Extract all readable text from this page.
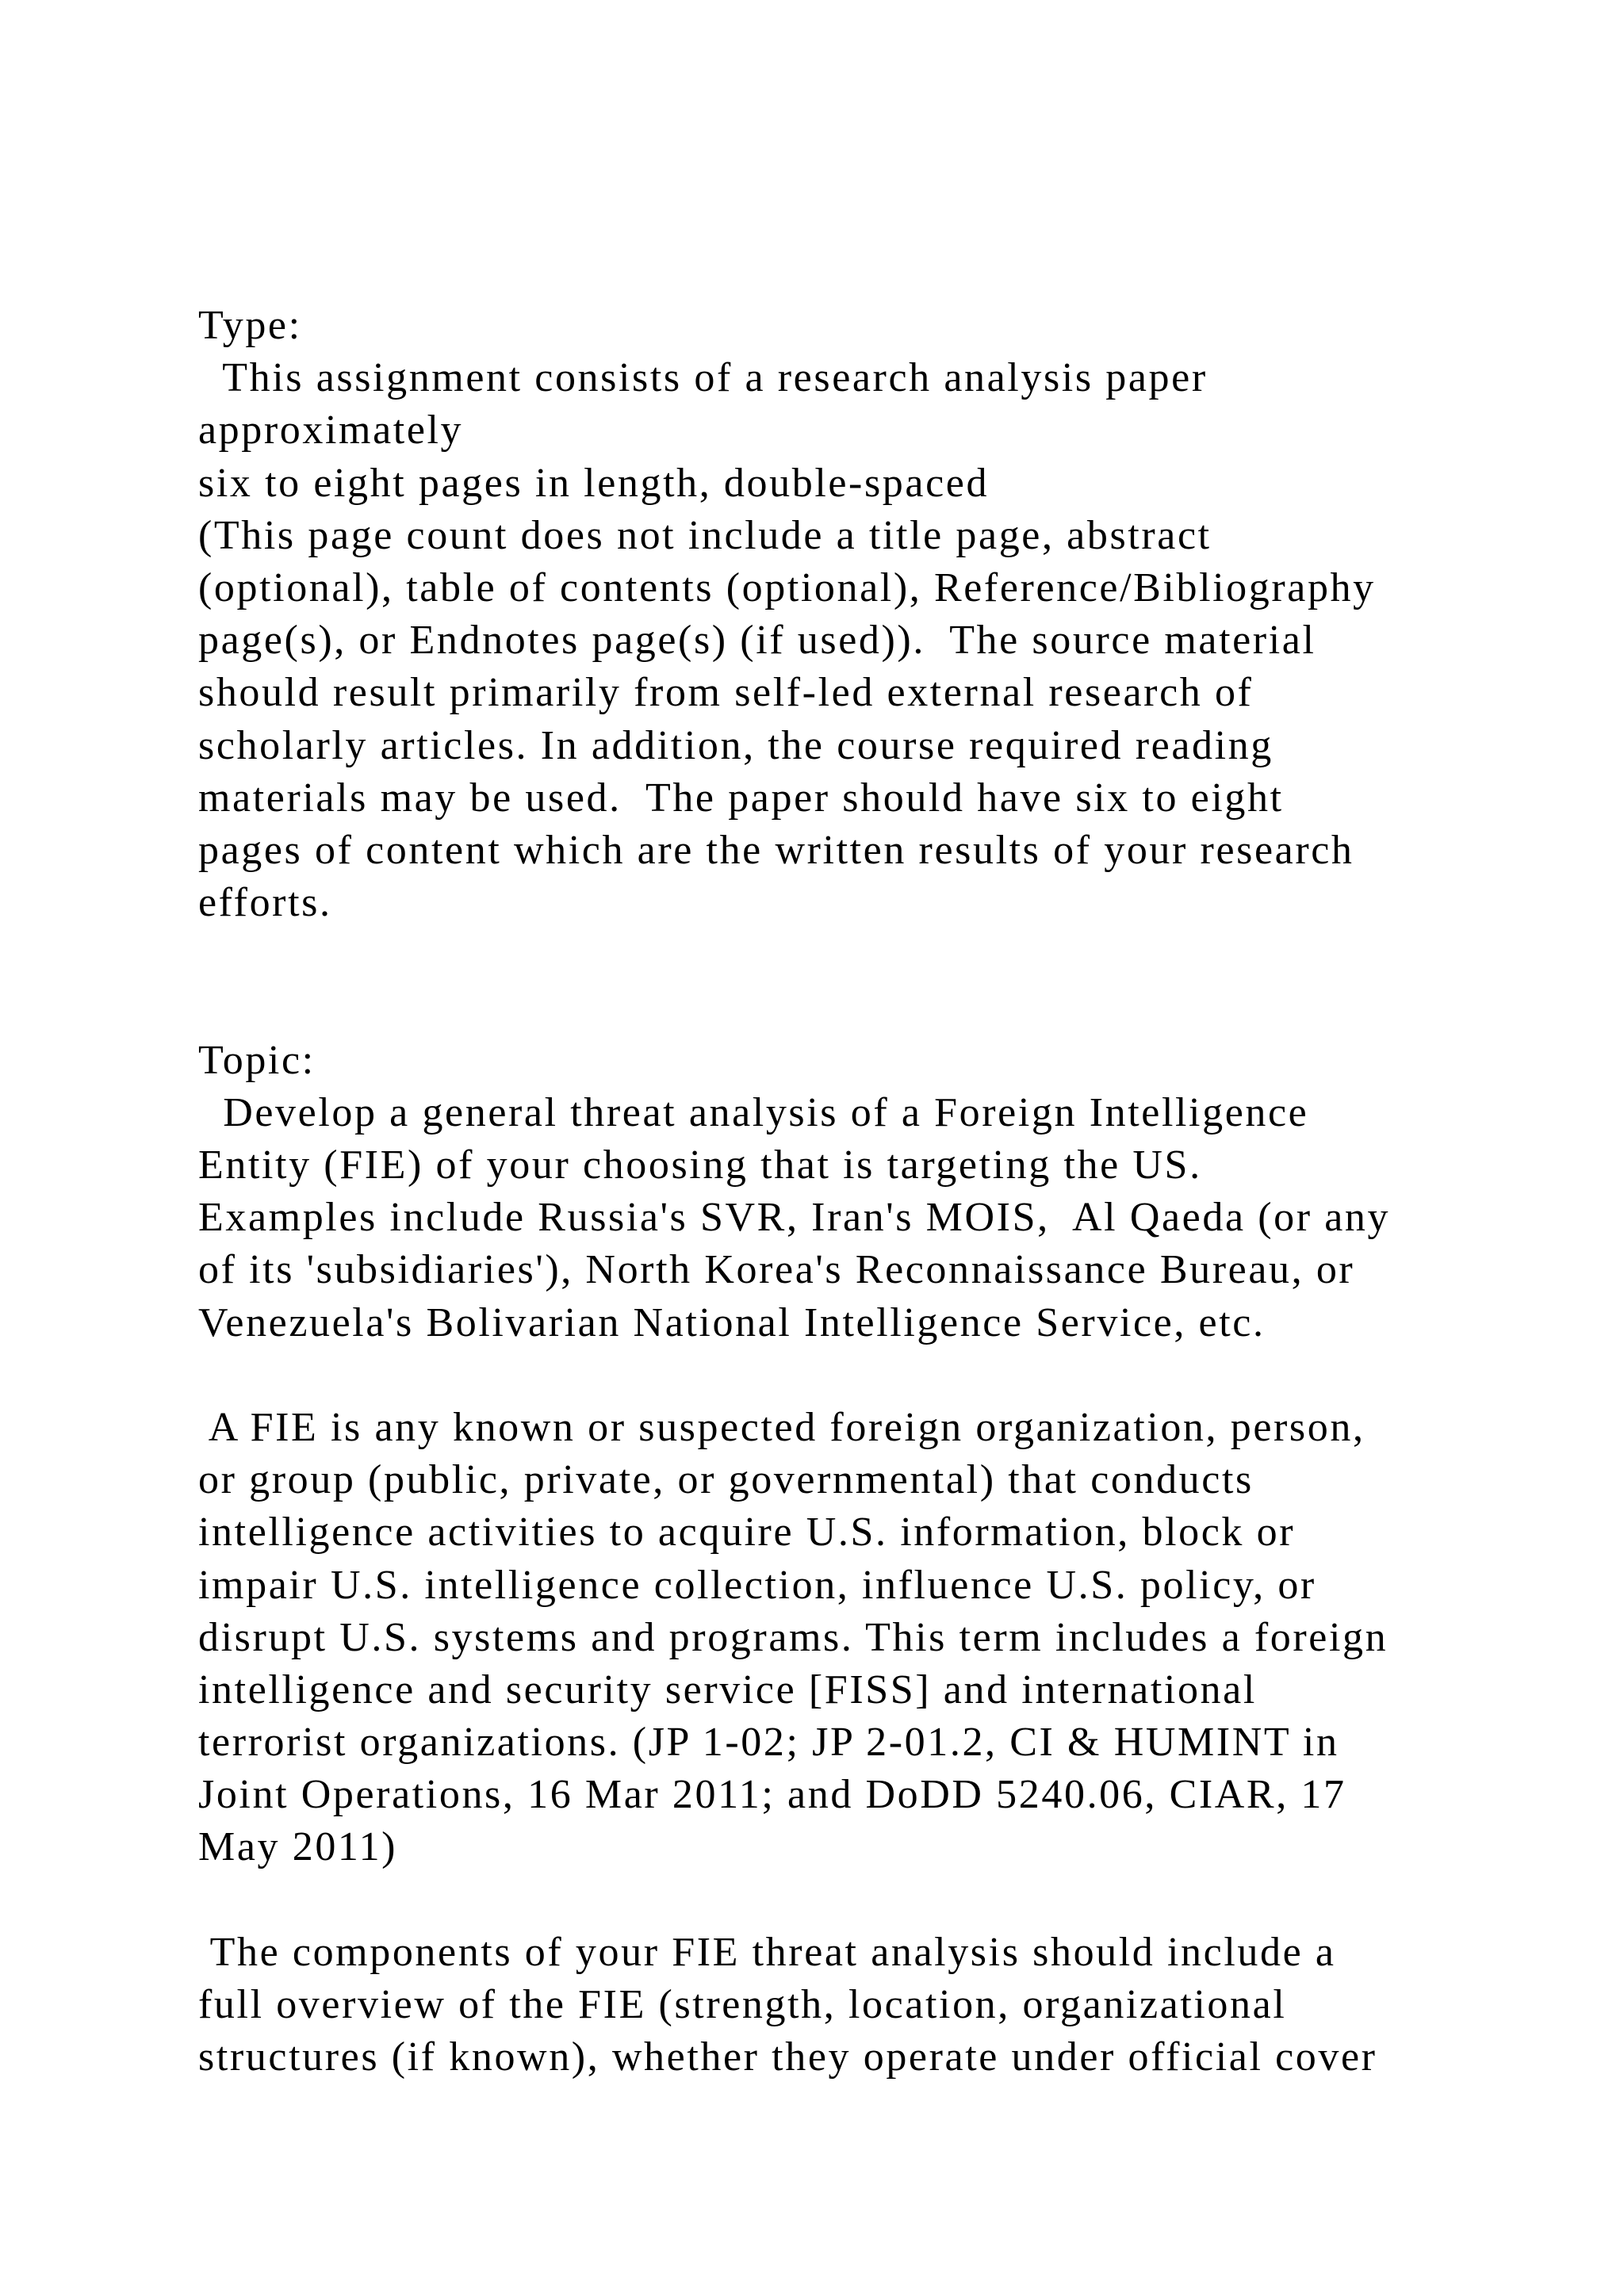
Type:
This assignment consists of a research analysis paper
approximately
six to eight pages in length, double-spaced
(This page count does not include a title page, abstract
(optional), table of contents (optional), Reference/Bibliography
page(s), or Endnotes page(s) (if used)).  The source material
should result primarily from self-led external research of
scholarly articles. In addition, the course required reading
materials may be used.  The paper should have six to eight
pages of content which are the written results of your research
efforts.
Topic:
Develop a general threat analysis of a Foreign Intelligence
Entity (FIE) of your choosing that is targeting the US.
Examples include Russia's SVR, Iran's MOIS,  Al Qaeda (or any
of its 'subsidiaries'), North Korea's Reconnaissance Bureau, or
Venezuela's Bolivarian National Intelligence Service, etc.
A FIE is any known or suspected foreign organization, person,
or group (public, private, or governmental) that conducts
intelligence activities to acquire U.S. information, block or
impair U.S. intelligence collection, influence U.S. policy, or
disrupt U.S. systems and programs. This term includes a foreign
intelligence and security service [FISS] and international
terrorist organizations. (JP 1-02; JP 2-01.2, CI & HUMINT in
Joint Operations, 16 Mar 2011; and DoDD 5240.06, CIAR, 17
May 2011)
The components of your FIE threat analysis should include a
full overview of the FIE (strength, location, organizational
structures (if known), whether they operate under official cover
